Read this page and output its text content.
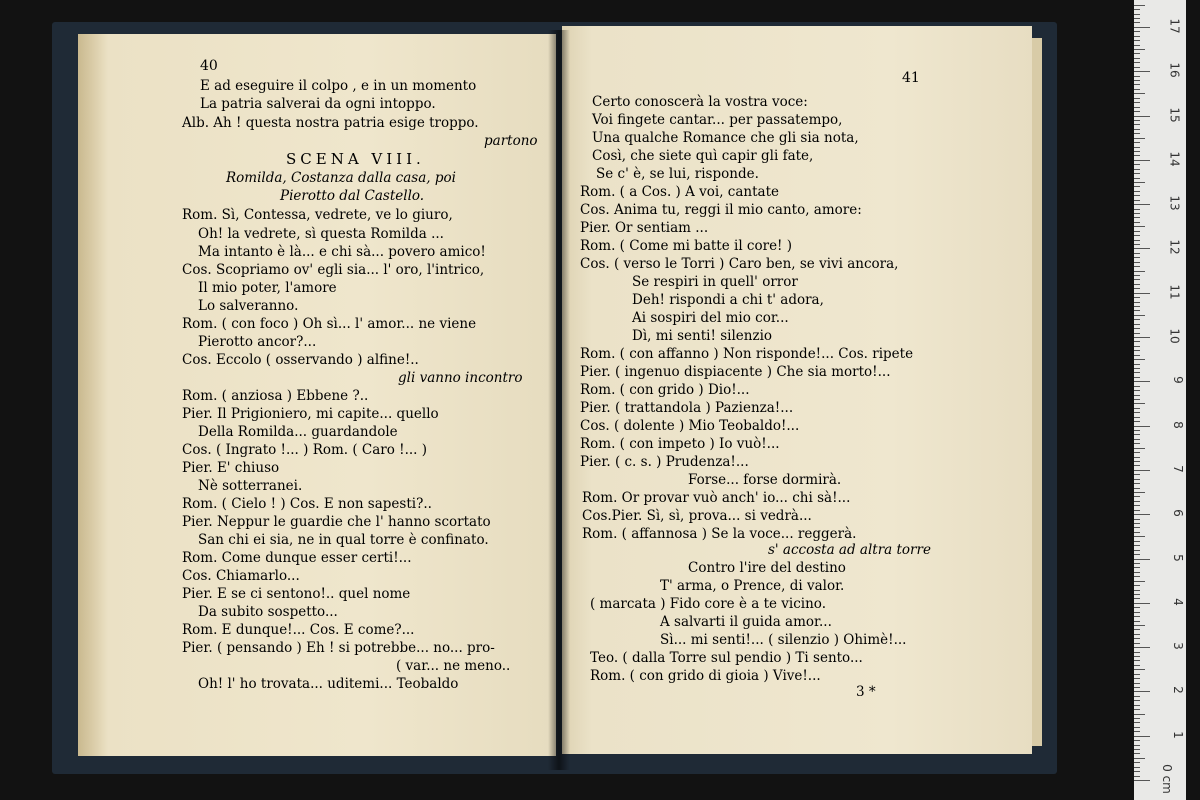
40
E ad eseguire il colpo , e in un momento
La patria salverai da ogni intoppo.
Alb. Ah ! questa nostra patria esige troppo.
partono
SCENA VIII.
Romilda, Costanza dalla casa, poi
Pierotto dal Castello.
Rom. Sì, Contessa, vedrete, ve lo giuro,
Oh! la vedrete, sì questa Romilda ...
Ma intanto è là... e chi sà... povero amico!
Cos. Scopriamo ov' egli sia... l' oro, l'intrico,
Il mio poter, l'amore
Lo salveranno.
Rom. ( con foco ) Oh sì... l' amor... ne viene
Pierotto ancor?...
Cos. Eccolo ( osservando ) alfine!..
gli vanno incontro
Rom. ( anziosa ) Ebbene ?..
Pier. Il Prigioniero, mi capite... quello
Della Romilda... guardandole
Cos. ( Ingrato !... ) Rom. ( Caro !... )
Pier. E' chiuso
Nè sotterranei.
Rom. ( Cielo ! ) Cos. E non sapesti?..
Pier. Neppur le guardie che l' hanno scortato
San chi ei sia, ne in qual torre è confinato.
Rom. Come dunque esser certi!...
Cos. Chiamarlo...
Pier. E se ci sentono!.. quel nome
Da subito sospetto...
Rom. E dunque!... Cos. E come?...
Pier. ( pensando ) Eh ! si potrebbe... no... pro-
( var... ne meno..
Oh! l' ho trovata... uditemi... Teobaldo
41
Certo conoscerà la vostra voce:
Voi fingete cantar... per passatempo,
Una qualche Romance che gli sia nota,
Così, che siete quì capir gli fate,
Se c' è, se lui, risponde.
Rom. ( a Cos. ) A voi, cantate
Cos. Anima tu, reggi il mio canto, amore:
Pier. Or sentiam ...
Rom. ( Come mi batte il core! )
Cos. ( verso le Torri ) Caro ben, se vivi ancora,
Se respiri in quell' orror
Deh! rispondi a chi t' adora,
Ai sospiri del mio cor...
Dì, mi senti! silenzio
Rom. ( con affanno ) Non risponde!... Cos. ripete
Pier. ( ingenuo dispiacente ) Che sia morto!...
Rom. ( con grido ) Dio!...
Pier. ( trattandola ) Pazienza!...
Cos. ( dolente ) Mio Teobaldo!...
Rom. ( con impeto ) Io vuò!...
Pier. ( c. s. ) Prudenza!...
Forse... forse dormirà.
Rom. Or provar vuò anch' io... chi sà!...
Cos.Pier. Sì, sì, prova... si vedrà...
Rom. ( affannosa ) Se la voce... reggerà.
s' accosta ad altra torre
Contro l'ire del destino
T' arma, o Prence, di valor.
( marcata ) Fido core è a te vicino.
A salvarti il guida amor...
Sì... mi senti!... ( silenzio ) Ohimè!...
Teo. ( dalla Torre sul pendio ) Ti sento...
Rom. ( con grido di gioia ) Vive!...
3 *
0 cm
1
2
3
4
5
6
7
8
9
10
11
12
13
14
15
16
17
